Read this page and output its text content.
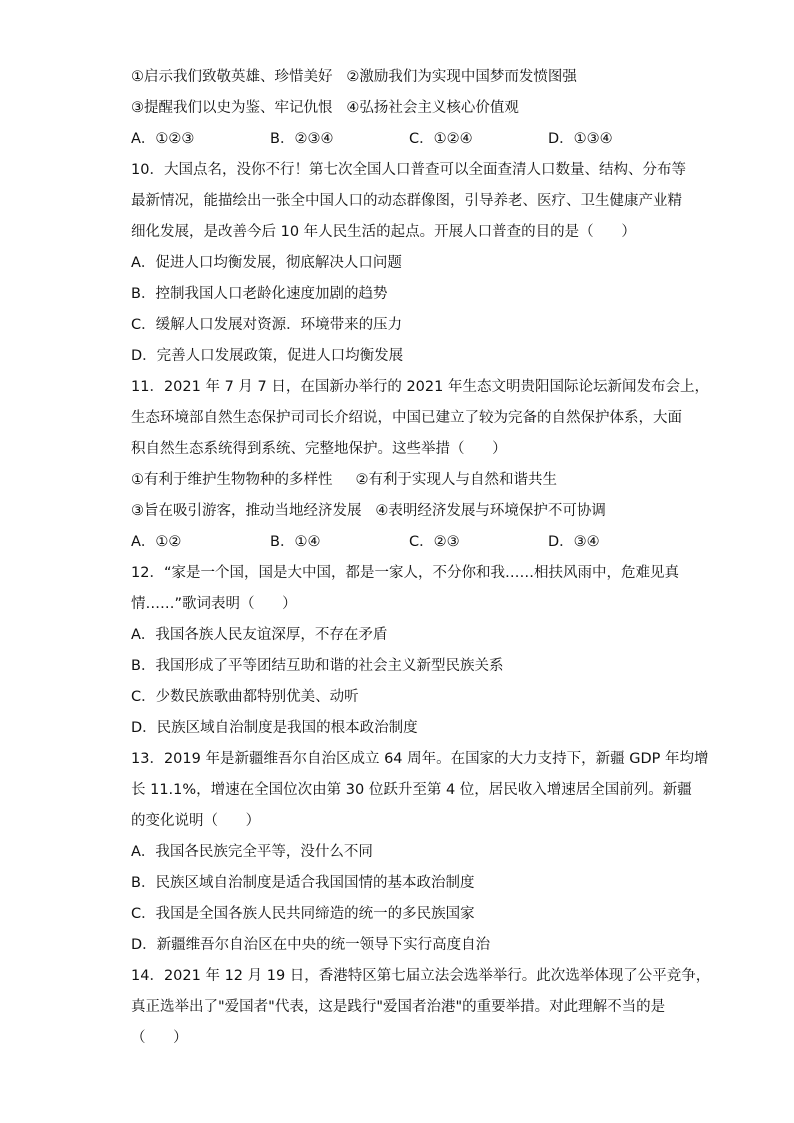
①启示我们致敬英雄、珍惜美好   ②激励我们为实现中国梦而发愤图强
③提醒我们以史为鉴、牢记仇恨   ④弘扬社会主义核心价值观
A．①②③	B．②③④	C．①②④	D．①③④
10．大国点名，没你不行！第七次全国人口普查可以全面查清人口数量、结构、分布等
最新情况，能描绘出一张全中国人口的动态群像图，引导养老、医疗、卫生健康产业精
细化发展，是改善今后 10 年人民生活的起点。开展人口普查的目的是（      ）
A．促进人口均衡发展，彻底解决人口问题
B．控制我国人口老龄化速度加剧的趋势
C．缓解人口发展对资源．环境带来的压力
D．完善人口发展政策，促进人口均衡发展
11．2021 年 7 月 7 日，在国新办举行的 2021 年生态文明贵阳国际论坛新闻发布会上，
生态环境部自然生态保护司司长介绍说，中国已建立了较为完备的自然保护体系，大面
积自然生态系统得到系统、完整地保护。这些举措（      ）
①有利于维护生物物种的多样性     ②有利于实现人与自然和谐共生
③旨在吸引游客，推动当地经济发展   ④表明经济发展与环境保护不可协调
A．①②	B．①④	C．②③	D．③④
12．“家是一个国，国是大中国，都是一家人，不分你和我……相扶风雨中，危难见真
情……”歌词表明（      ）
A．我国各族人民友谊深厚，不存在矛盾
B．我国形成了平等团结互助和谐的社会主义新型民族关系
C．少数民族歌曲都特别优美、动听
D．民族区域自治制度是我国的根本政治制度
13．2019 年是新疆维吾尔自治区成立 64 周年。在国家的大力支持下，新疆 GDP 年均增
长 11.1%，增速在全国位次由第 30 位跃升至第 4 位，居民收入增速居全国前列。新疆
的变化说明（      ）
A．我国各民族完全平等，没什么不同
B．民族区域自治制度是适合我国国情的基本政治制度
C．我国是全国各族人民共同缔造的统一的多民族国家
D．新疆维吾尔自治区在中央的统一领导下实行高度自治
14．2021 年 12 月 19 日，香港特区第七届立法会选举举行。此次选举体现了公平竞争，
真正选举出了"爱国者"代表，这是践行"爱国者治港"的重要举措。对此理解不当的是
（      ）
